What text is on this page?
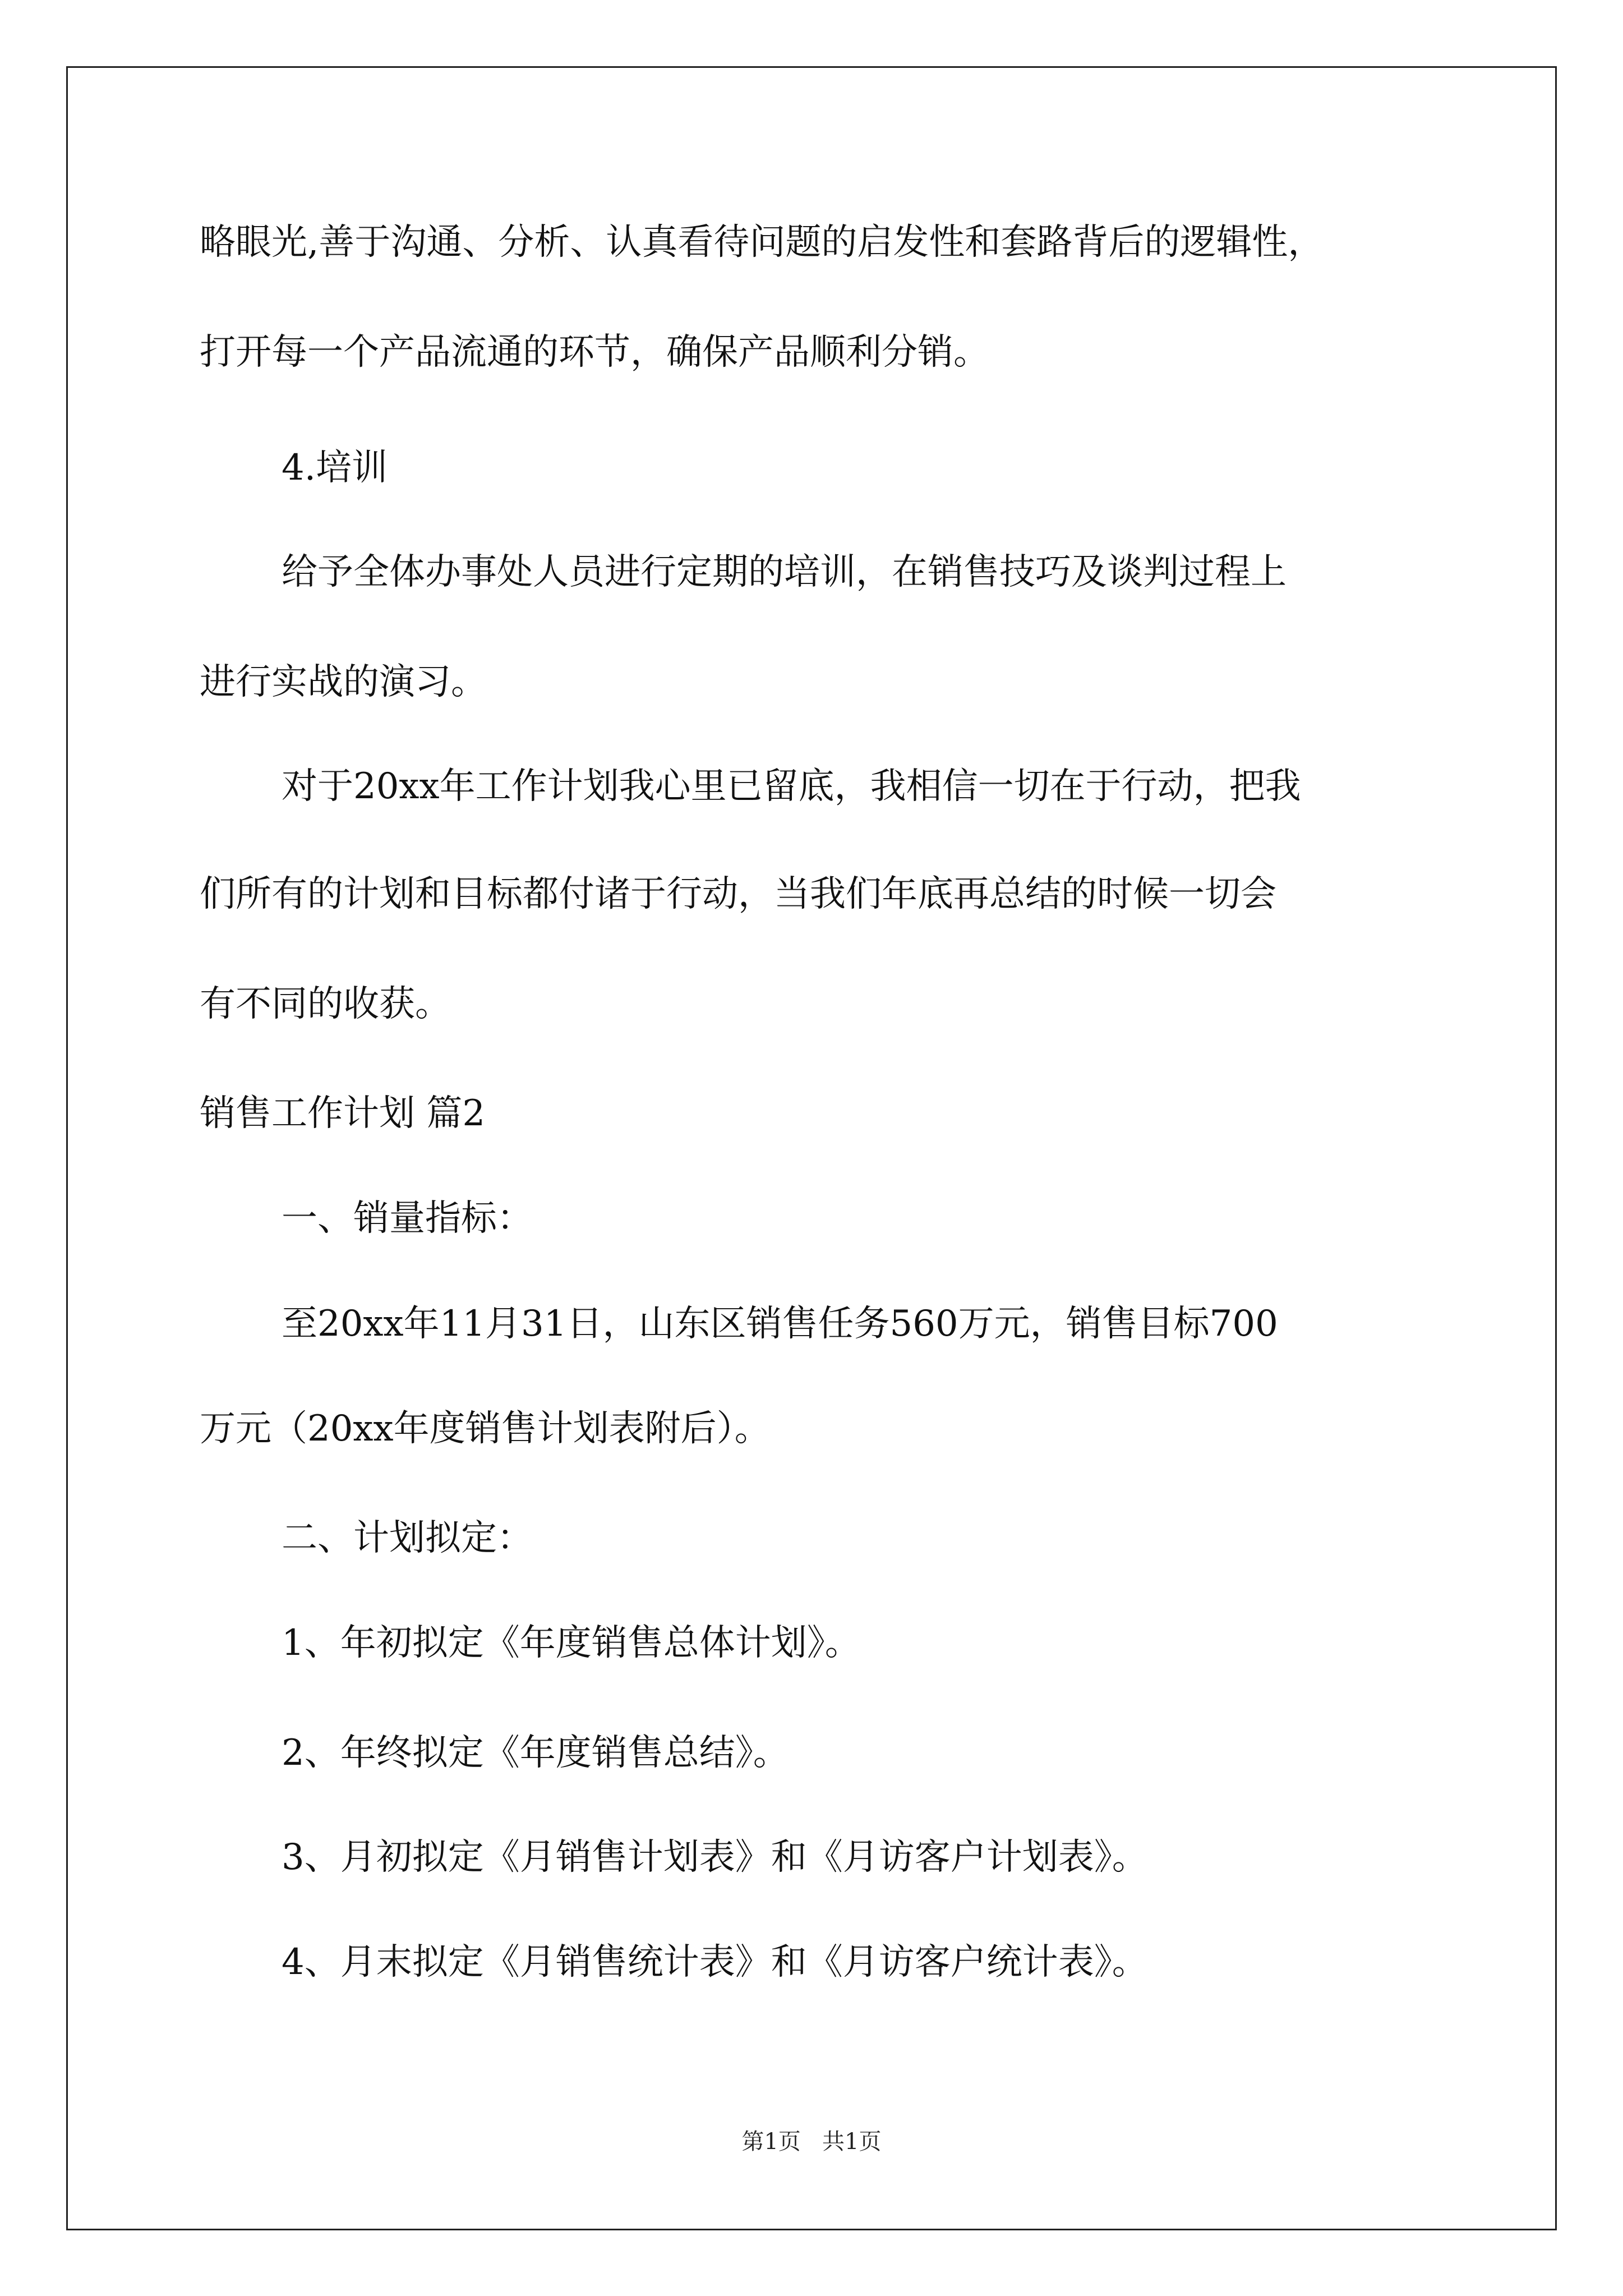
略眼光,善于沟通、分析、认真看待问题的启发性和套路背后的逻辑性，
打开每一个产品流通的环节，确保产品顺利分销。
4.培训
给予全体办事处人员进行定期的培训，在销售技巧及谈判过程上
进行实战的演习。
对于20xx年工作计划我心里已留底，我相信一切在于行动，把我
们所有的计划和目标都付诸于行动，当我们年底再总结的时候一切会
有不同的收获。
销售工作计划 篇2
一、销量指标：
至20xx年11月31日，山东区销售任务560万元，销售目标700
万元（20xx年度销售计划表附后）。
二、计划拟定：
1、年初拟定《年度销售总体计划》。
2、年终拟定《年度销售总结》。
3、月初拟定《月销售计划表》和《月访客户计划表》。
4、月末拟定《月销售统计表》和《月访客户统计表》。
第1页   共1页
